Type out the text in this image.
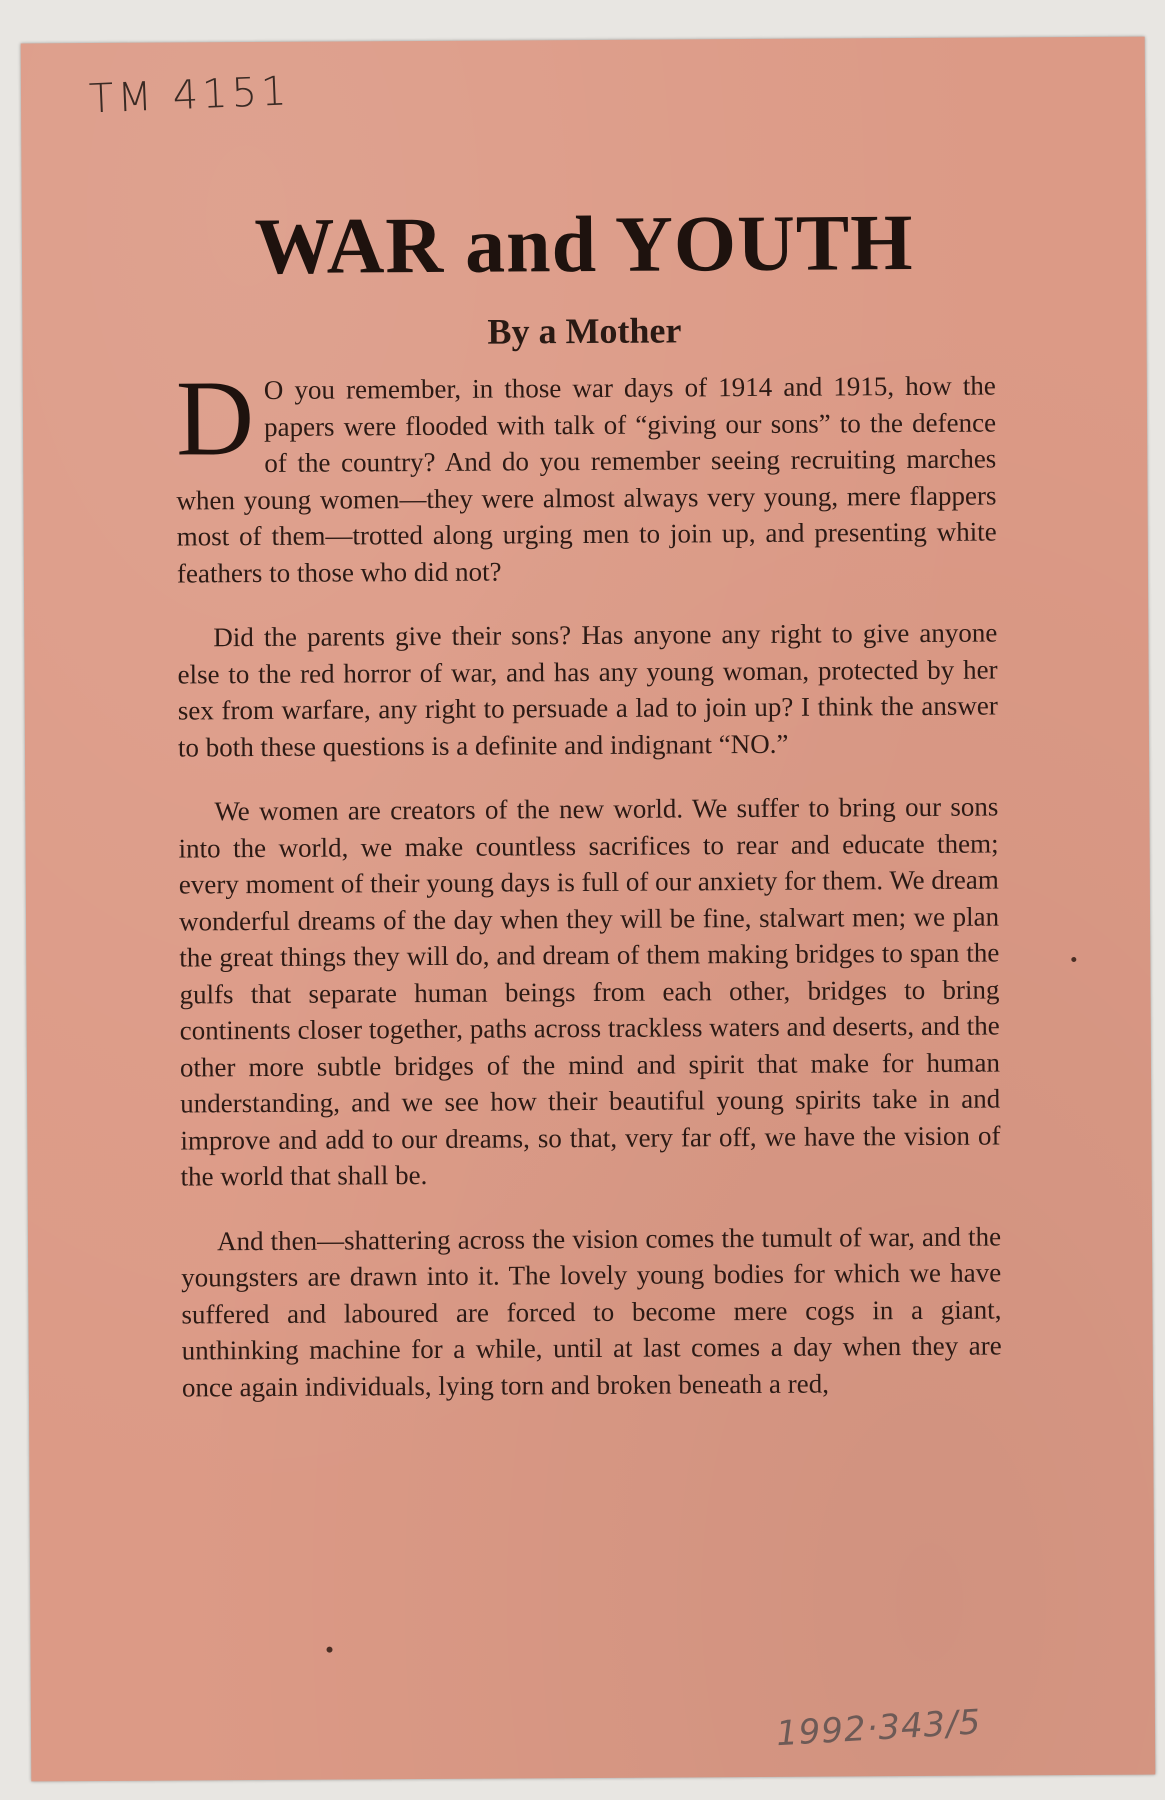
TM 4151
WAR and YOUTH
By a Mother

D O you remember, in those war days of 1914 and 1915, how the papers were flooded with talk of “giving our sons” to the defence of the country? And do you remember seeing recruiting marches when young women—they were almost always very young, mere flappers most of them—trotted along urging men to join up, and presenting white feathers to those who did not?

Did the parents give their sons? Has anyone any right to give anyone else to the red horror of war, and has any young woman, protected by her sex from warfare, any right to persuade a lad to join up? I think the answer to both these questions is a definite and indignant “NO.”

We women are creators of the new world. We suffer to bring our sons into the world, we make countless sacrifices to rear and educate them; every moment of their young days is full of our anxiety for them. We dream wonderful dreams of the day when they will be fine, stalwart men; we plan the great things they will do, and dream of them making bridges to span the gulfs that separate human beings from each other, bridges to bring continents closer together, paths across trackless waters and deserts, and the other more subtle bridges of the mind and spirit that make for human understanding, and we see how their beautiful young spirits take in and improve and add to our dreams, so that, very far off, we have the vision of the world that shall be.

And then—shattering across the vision comes the tumult of war, and the youngsters are drawn into it. The lovely young bodies for which we have suffered and laboured are forced to become mere cogs in a giant, unthinking machine for a while, until at last comes a day when they are once again individuals, lying torn and broken beneath a red,

1992·343/5
